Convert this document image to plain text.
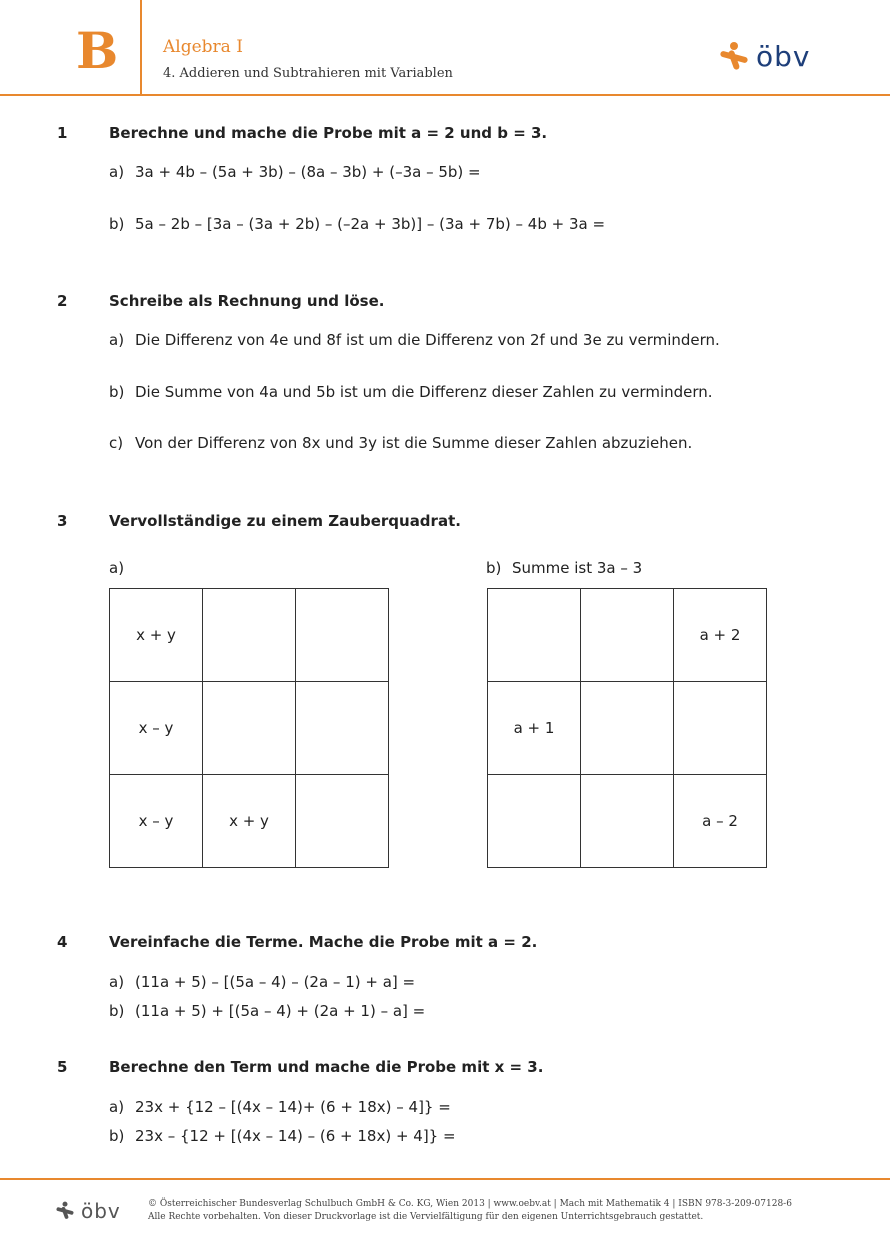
B	Algebra I
4. Addieren und Subtrahieren mit Variablen
öbv
1	Berechne und mache die Probe mit a = 2 und b = 3.
a) 3a + 4b – (5a + 3b) – (8a – 3b) + (–3a – 5b) =
b) 5a – 2b – [3a – (3a + 2b) – (–2a + 3b)] – (3a + 7b) – 4b + 3a =
2	Schreibe als Rechnung und löse.
a) Die Differenz von 4e und 8f ist um die Differenz von 2f und 3e zu vermindern.
b) Die Summe von 4a und 5b ist um die Differenz dieser Zahlen zu vermindern.
c) Von der Differenz von 8x und 3y ist die Summe dieser Zahlen abzuziehen.
3	Vervollständige zu einem Zauberquadrat.
a)	b) Summe ist 3a – 3
x + y		
x – y		
x – y	x + y	
		a + 2
a + 1		
		a – 2
4	Vereinfache die Terme. Mache die Probe mit a = 2.
a) (11a + 5) – [(5a – 4) – (2a – 1) + a] =
b) (11a + 5) + [(5a – 4) + (2a + 1) – a] =
5	Berechne den Term und mache die Probe mit x = 3.
a) 23x + {12 – [(4x – 14)+ (6 + 18x) – 4]} =
b) 23x – {12 + [(4x – 14) – (6 + 18x) + 4]} =
öbv	© Österreichischer Bundesverlag Schulbuch GmbH & Co. KG, Wien 2013 | www.oebv.at | Mach mit Mathematik 4 | ISBN 978-3-209-07128-6
Alle Rechte vorbehalten. Von dieser Druckvorlage ist die Vervielfältigung für den eigenen Unterrichtsgebrauch gestattet.
